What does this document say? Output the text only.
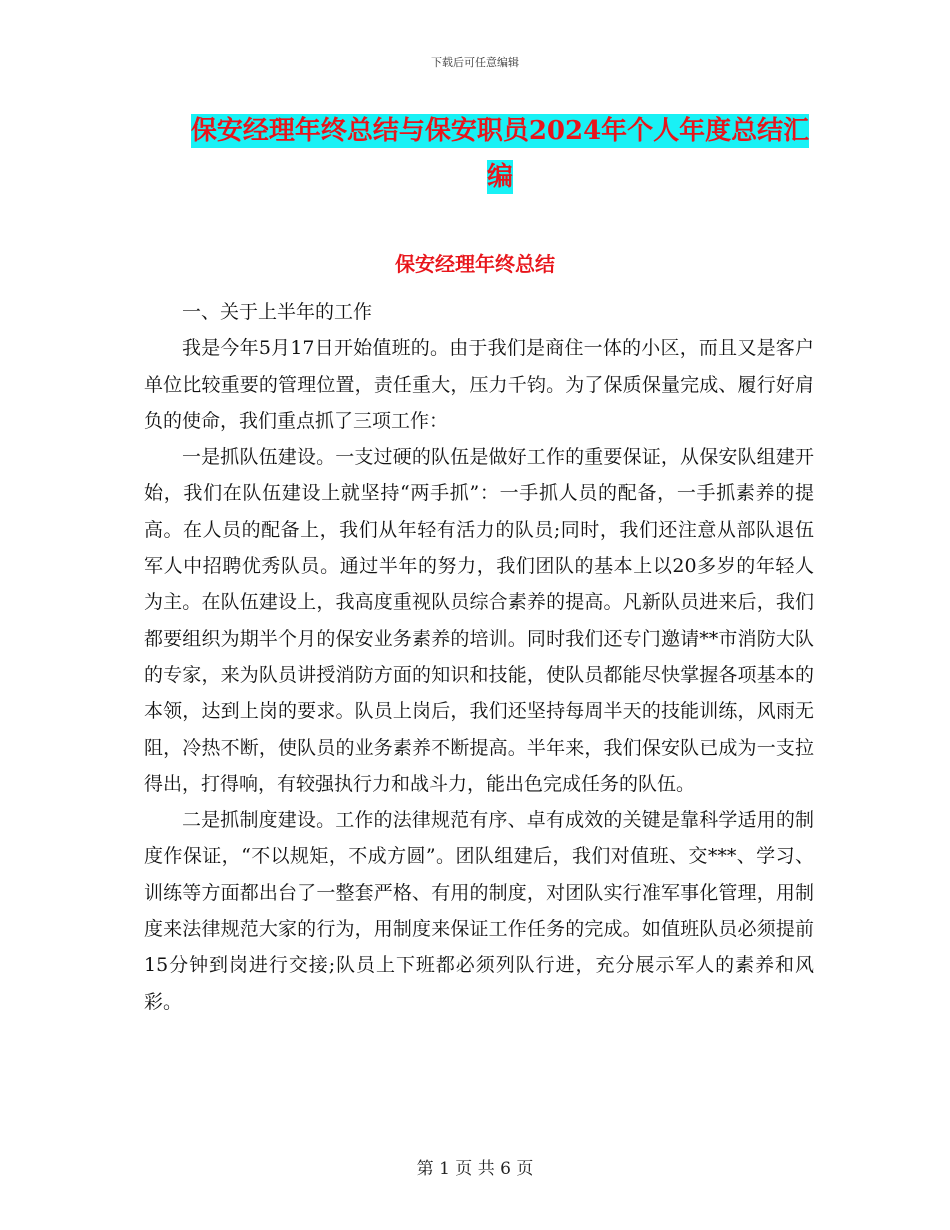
下载后可任意编辑
保安经理年终总结与保安职员2024年个人年度总结汇
编
保安经理年终总结

一、关于上半年的工作

我是今年5月17日开始值班的。由于我们是商住一体的小区，而且又是客户单位比较重要的管理位置，责任重大，压力千钧。为了保质保量完成、履行好肩负的使命，我们重点抓了三项工作：

一是抓队伍建设。一支过硬的队伍是做好工作的重要保证，从保安队组建开始，我们在队伍建设上就坚持“两手抓”：一手抓人员的配备，一手抓素养的提高。在人员的配备上，我们从年轻有活力的队员;同时，我们还注意从部队退伍军人中招聘优秀队员。通过半年的努力，我们团队的基本上以20多岁的年轻人为主。在队伍建设上，我高度重视队员综合素养的提高。凡新队员进来后，我们都要组织为期半个月的保安业务素养的培训。同时我们还专门邀请**市消防大队的专家，来为队员讲授消防方面的知识和技能，使队员都能尽快掌握各项基本的本领，达到上岗的要求。队员上岗后，我们还坚持每周半天的技能训练，风雨无阻，冷热不断，使队员的业务素养不断提高。半年来，我们保安队已成为一支拉得出，打得响，有较强执行力和战斗力，能出色完成任务的队伍。

二是抓制度建设。工作的法律规范有序、卓有成效的关键是靠科学适用的制度作保证，“不以规矩，不成方圆”。团队组建后，我们对值班、交***、学习、训练等方面都出台了一整套严格、有用的制度，对团队实行准军事化管理，用制度来法律规范大家的行为，用制度来保证工作任务的完成。如值班队员必须提前15分钟到岗进行交接;队员上下班都必须列队行进，充分展示军人的素养和风彩。

第 1 页 共 6 页
